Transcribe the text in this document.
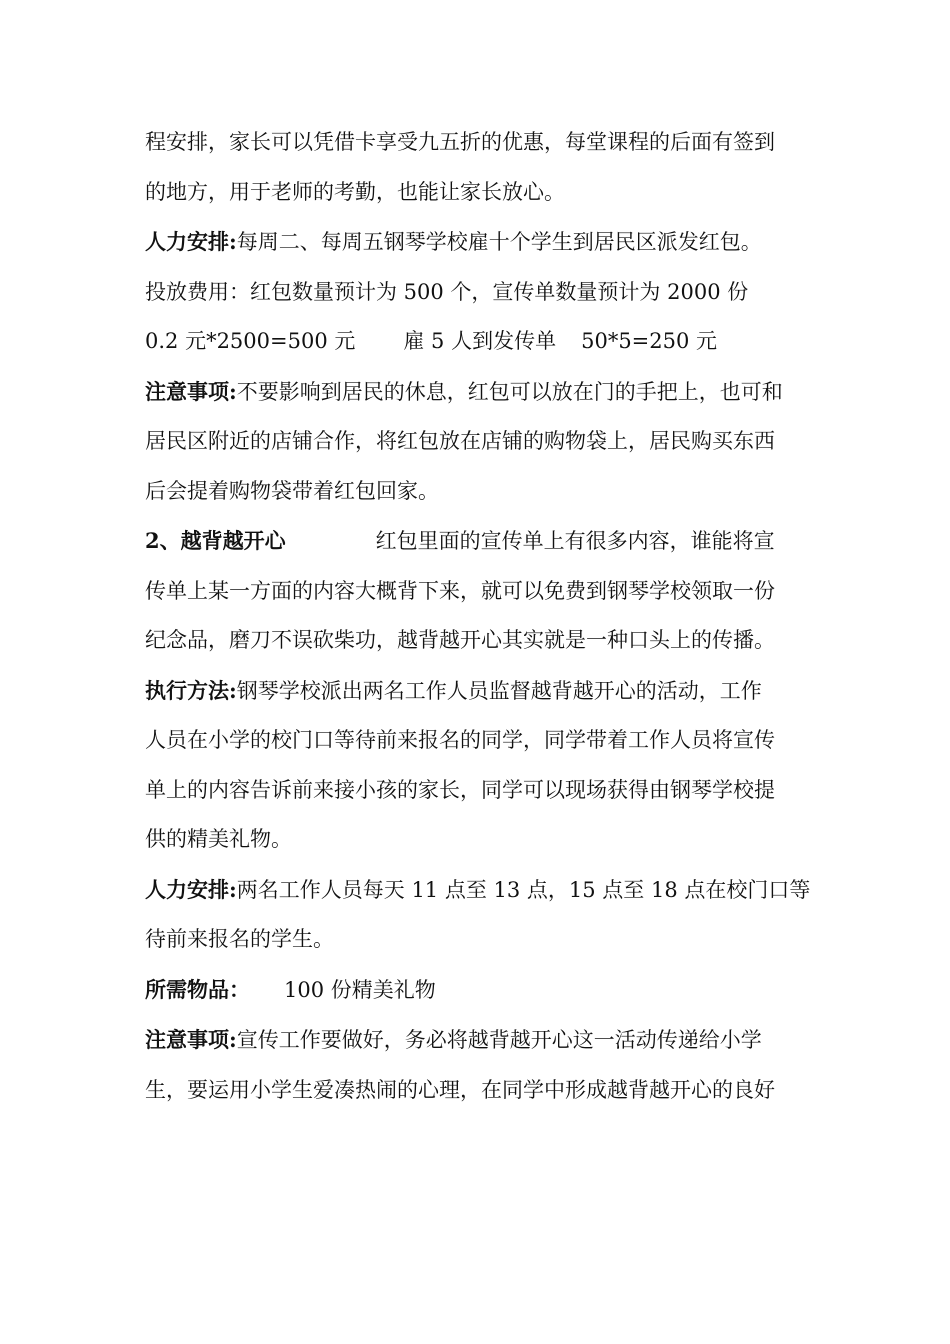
程安排，家长可以凭借卡享受九五折的优惠，每堂课程的后面有签到

的地方，用于老师的考勤，也能让家长放心。

人力安排:每周二、每周五钢琴学校雇十个学生到居民区派发红包。

投放费用：红包数量预计为 500 个，宣传单数量预计为 2000 份

0.2 元*2500=500 元 雇 5 人到发传单 50*5=250 元

注意事项:不要影响到居民的休息，红包可以放在门的手把上，也可和

居民区附近的店铺合作，将红包放在店铺的购物袋上，居民购买东西

后会提着购物袋带着红包回家。

2、越背越开心	红包里面的宣传单上有很多内容，谁能将宣

传单上某一方面的内容大概背下来，就可以免费到钢琴学校领取一份

纪念品，磨刀不误砍柴功，越背越开心其实就是一种口头上的传播。

执行方法:钢琴学校派出两名工作人员监督越背越开心的活动，工作

人员在小学的校门口等待前来报名的同学，同学带着工作人员将宣传

单上的内容告诉前来接小孩的家长，同学可以现场获得由钢琴学校提

供的精美礼物。

人力安排:两名工作人员每天 11 点至 13 点，15 点至 18 点在校门口等

待前来报名的学生。

所需物品： 100 份精美礼物

注意事项:宣传工作要做好，务必将越背越开心这一活动传递给小学

生，要运用小学生爱凑热闹的心理，在同学中形成越背越开心的良好
